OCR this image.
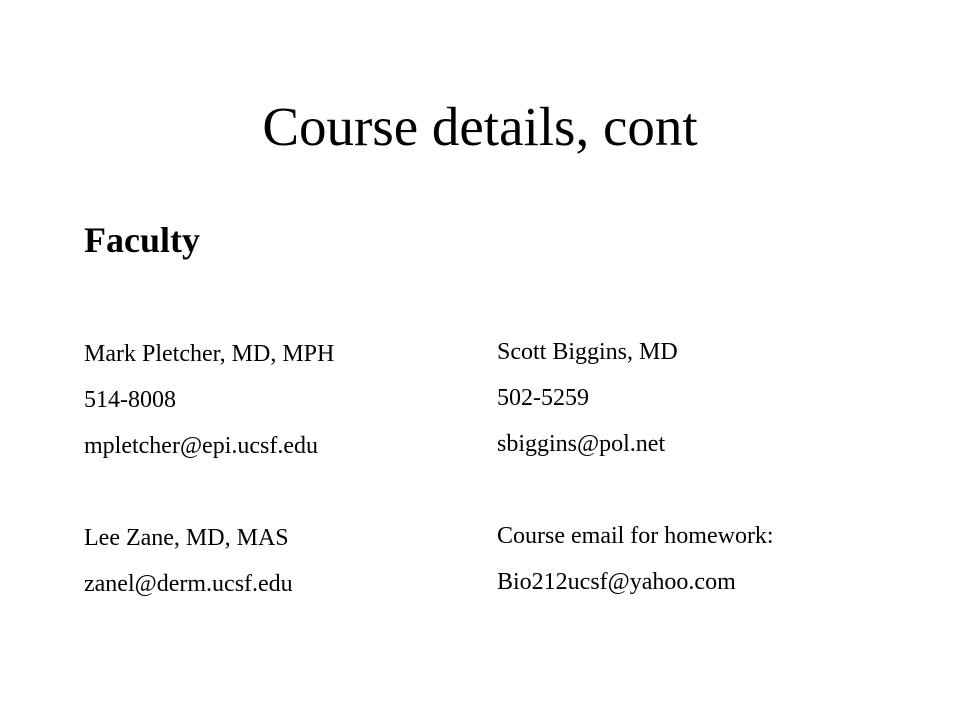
Course details, cont
Faculty
Mark Pletcher, MD, MPH
514-8008
mpletcher@epi.ucsf.edu
Lee Zane, MD, MAS
zanel@derm.ucsf.edu
Scott Biggins, MD
502-5259
sbiggins@pol.net
Course email for homework:
Bio212ucsf@yahoo.com
